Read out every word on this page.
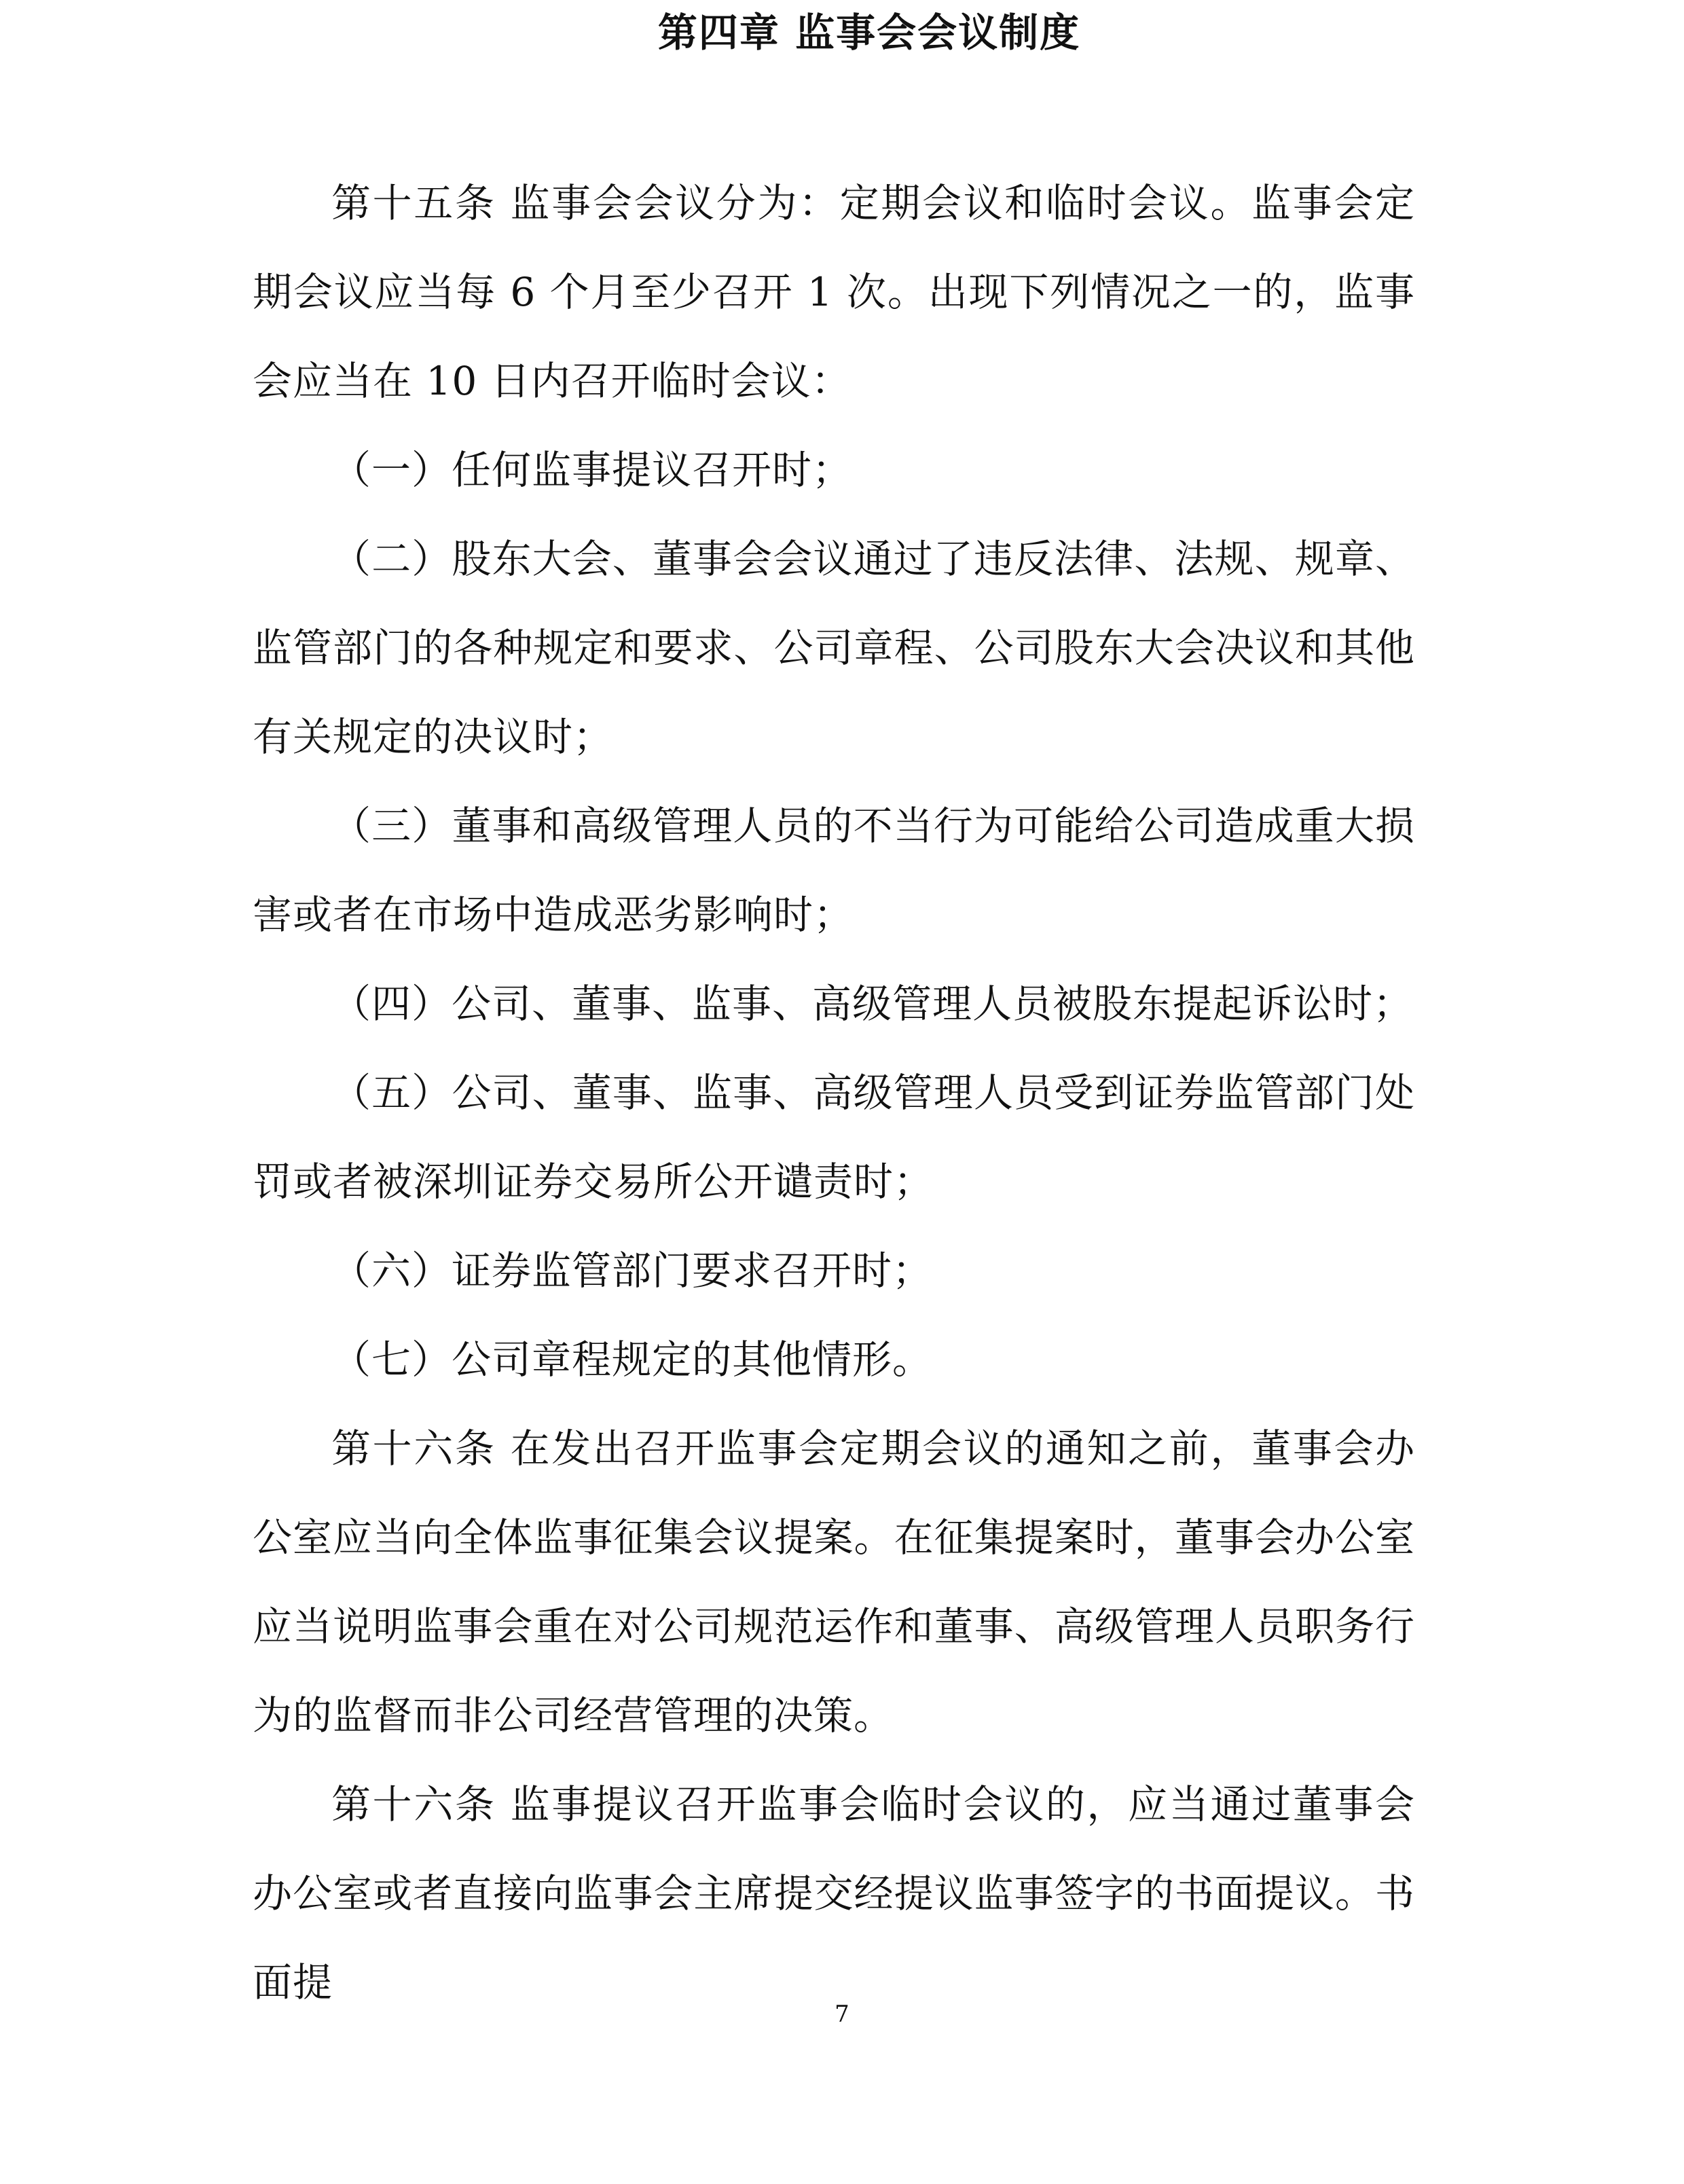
第四章 监事会会议制度

第十五条 监事会会议分为：定期会议和临时会议。监事会定期会议应当每 6 个月至少召开 1 次。出现下列情况之一的，监事会应当在 10 日内召开临时会议：

（一）任何监事提议召开时；

（二）股东大会、董事会会议通过了违反法律、法规、规章、监管部门的各种规定和要求、公司章程、公司股东大会决议和其他有关规定的决议时；

（三）董事和高级管理人员的不当行为可能给公司造成重大损害或者在市场中造成恶劣影响时；

（四）公司、董事、监事、高级管理人员被股东提起诉讼时；

（五）公司、董事、监事、高级管理人员受到证券监管部门处罚或者被深圳证券交易所公开谴责时；

（六）证券监管部门要求召开时；

（七）公司章程规定的其他情形。

第十六条 在发出召开监事会定期会议的通知之前，董事会办公室应当向全体监事征集会议提案。在征集提案时，董事会办公室应当说明监事会重在对公司规范运作和董事、高级管理人员职务行为的监督而非公司经营管理的决策。

第十六条 监事提议召开监事会临时会议的，应当通过董事会办公室或者直接向监事会主席提交经提议监事签字的书面提议。书面提

7
